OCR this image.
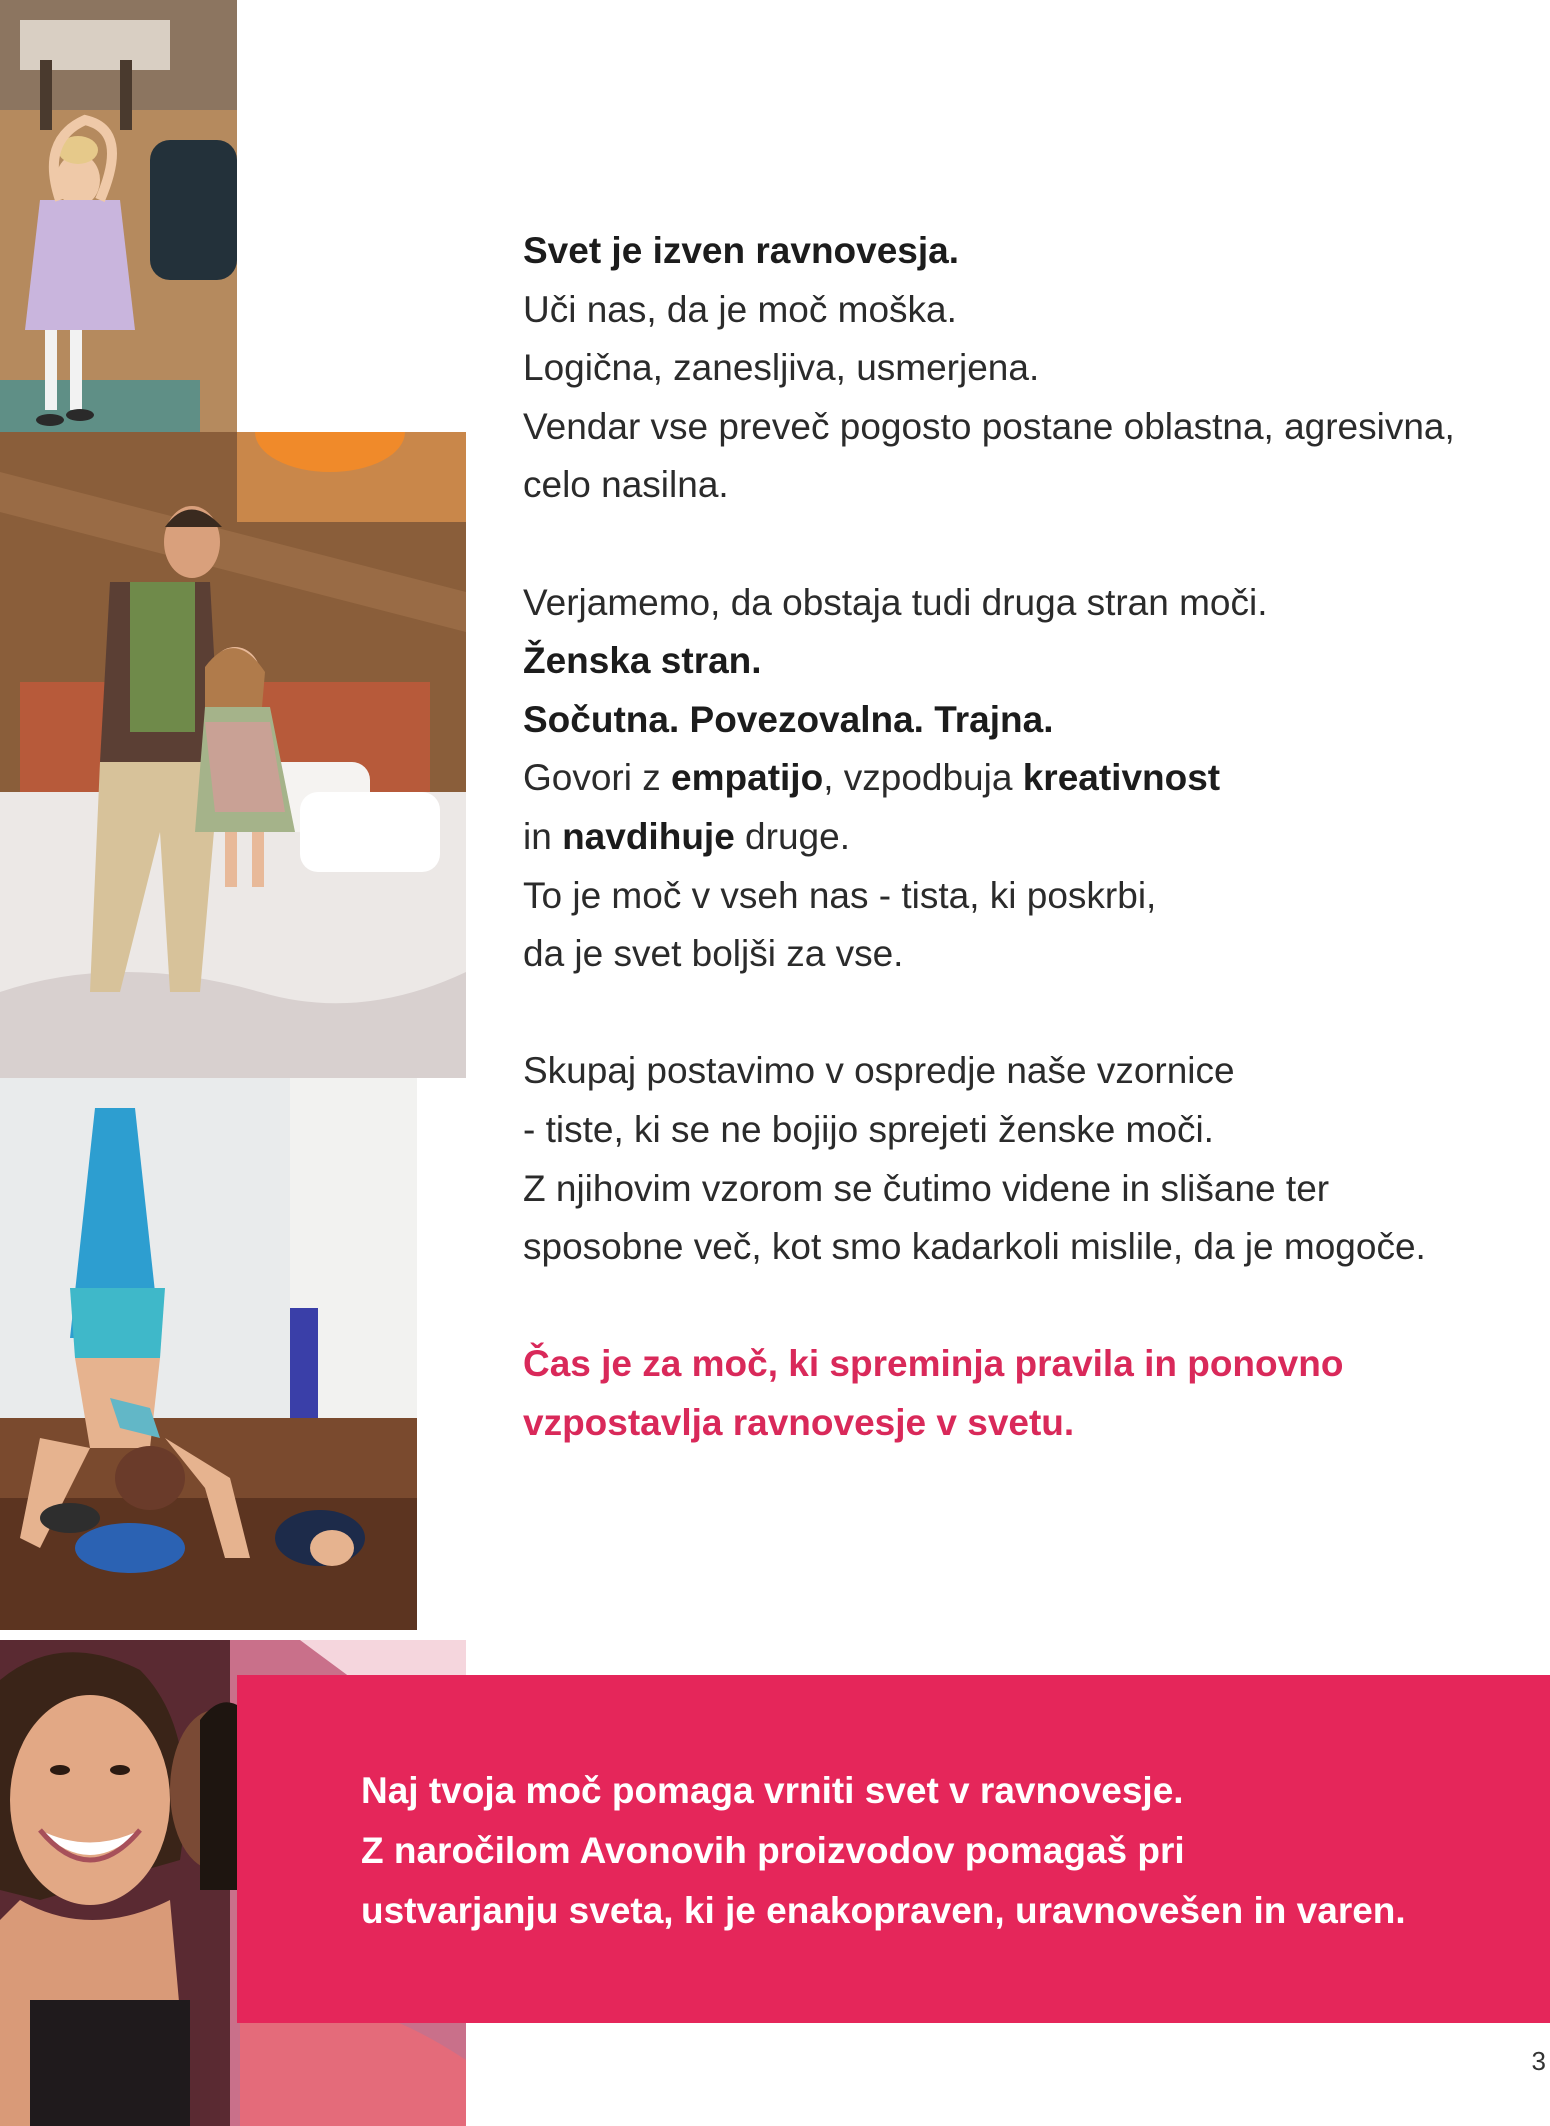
Svet je izven ravnovesja.

Uči nas, da je moč moška.

Logična, zanesljiva, usmerjena.

Vendar vse preveč pogosto postane oblastna, agresivna,

celo nasilna.

Verjamemo, da obstaja tudi druga stran moči.

Ženska stran.

Sočutna. Povezovalna. Trajna.

Govori z empatijo, vzpodbuja kreativnost

in navdihuje druge.

To je moč v vseh nas - tista, ki poskrbi,

da je svet boljši za vse.

Skupaj postavimo v ospredje naše vzornice

- tiste, ki se ne bojijo sprejeti ženske moči.

Z njihovim vzorom se čutimo videne in slišane ter

sposobne več, kot smo kadarkoli mislile, da je mogoče.

Čas je za moč, ki spreminja pravila in ponovno

vzpostavlja ravnovesje v svetu.

Naj tvoja moč pomaga vrniti svet v ravnovesje.

Z naročilom Avonovih proizvodov pomagaš pri

ustvarjanju sveta, ki je enakopraven, uravnovešen in varen.

3
